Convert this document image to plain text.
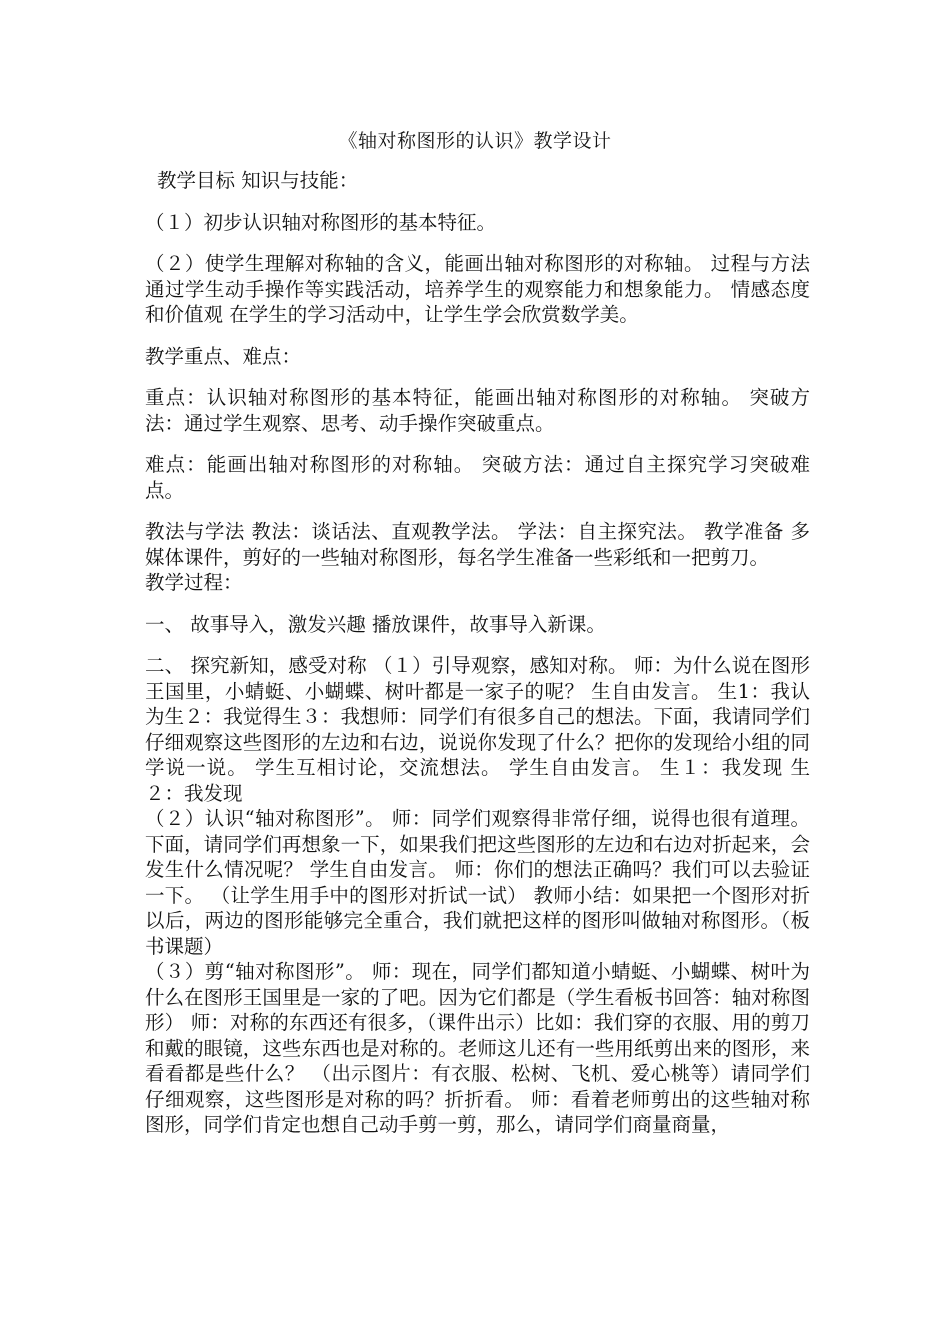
《轴对称图形的认识》教学设计

教学目标 知识与技能：

（１）初步认识轴对称图形的基本特征。

（２）使学生理解对称轴的含义，能画出轴对称图形的对称轴。 过程与方法 通过学生动手操作等实践活动，培养学生的观察能力和想象能力。 情感态度和价值观 在学生的学习活动中，让学生学会欣赏数学美。

教学重点、难点：

重点：认识轴对称图形的基本特征，能画出轴对称图形的对称轴。 突破方法：通过学生观察、思考、动手操作突破重点。

难点：能画出轴对称图形的对称轴。 突破方法：通过自主探究学习突破难点。

教法与学法 教法：谈话法、直观教学法。 学法：自主探究法。 教学准备 多媒体课件，剪好的一些轴对称图形，每名学生准备一些彩纸和一把剪刀。

教学过程：

一、 故事导入，激发兴趣 播放课件，故事导入新课。

二、 探究新知，感受对称 （１）引导观察，感知对称。 师：为什么说在图形王国里，小蜻蜓、小蝴蝶、树叶都是一家子的呢？ 生自由发言。 生1：我认为生２：我觉得生３：我想师：同学们有很多自己的想法。下面，我请同学们仔细观察这些图形的左边和右边，说说你发现了什么？把你的发现给小组的同学说一说。 学生互相讨论，交流想法。 学生自由发言。 生１：我发现 生２：我发现

（２）认识“轴对称图形”。 师：同学们观察得非常仔细，说得也很有道理。下面，请同学们再想象一下，如果我们把这些图形的左边和右边对折起来，会发生什么情况呢？ 学生自由发言。 师：你们的想法正确吗？我们可以去验证一下。 （让学生用手中的图形对折试一试） 教师小结：如果把一个图形对折以后，两边的图形能够完全重合，我们就把这样的图形叫做轴对称图形。（板书课题）

（３）剪“轴对称图形”。 师：现在，同学们都知道小蜻蜓、小蝴蝶、树叶为什么在图形王国里是一家的了吧。因为它们都是（学生看板书回答：轴对称图形） 师：对称的东西还有很多，（课件出示）比如：我们穿的衣服、用的剪刀和戴的眼镜，这些东西也是对称的。老师这儿还有一些用纸剪出来的图形，来看看都是些什么？ （出示图片：有衣服、松树、飞机、爱心桃等）请同学们仔细观察，这些图形是对称的吗？折折看。 师：看着老师剪出的这些轴对称图形，同学们肯定也想自己动手剪一剪，那么，请同学们商量商量，
